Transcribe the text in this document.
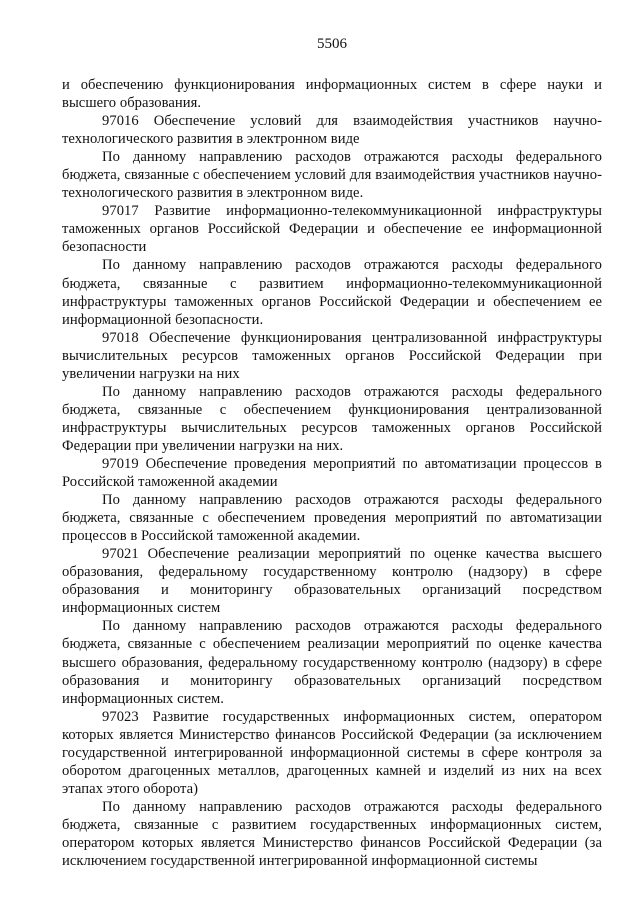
5506

и обеспечению функционирования информационных систем в сфере науки и высшего образования.

97016 Обеспечение условий для взаимодействия участников научно-технологического развития в электронном виде

По данному направлению расходов отражаются расходы федерального бюджета, связанные с обеспечением условий для взаимодействия участников научно-технологического развития в электронном виде.

97017 Развитие информационно-телекоммуникационной инфраструктуры таможенных органов Российской Федерации и обеспечение ее информационной безопасности

По данному направлению расходов отражаются расходы федерального бюджета, связанные с развитием информационно-телекоммуникационной инфраструктуры таможенных органов Российской Федерации и обеспечением ее информационной безопасности.

97018 Обеспечение функционирования централизованной инфраструктуры вычислительных ресурсов таможенных органов Российской Федерации при увеличении нагрузки на них

По данному направлению расходов отражаются расходы федерального бюджета, связанные с обеспечением функционирования централизованной инфраструктуры вычислительных ресурсов таможенных органов Российской Федерации при увеличении нагрузки на них.

97019 Обеспечение проведения мероприятий по автоматизации процессов в Российской таможенной академии

По данному направлению расходов отражаются расходы федерального бюджета, связанные с обеспечением проведения мероприятий по автоматизации процессов в Российской таможенной академии.

97021 Обеспечение реализации мероприятий по оценке качества высшего образования, федеральному государственному контролю (надзору) в сфере образования и мониторингу образовательных организаций посредством информационных систем

По данному направлению расходов отражаются расходы федерального бюджета, связанные с обеспечением реализации мероприятий по оценке качества высшего образования, федеральному государственному контролю (надзору) в сфере образования и мониторингу образовательных организаций посредством информационных систем.

97023 Развитие государственных информационных систем, оператором которых является Министерство финансов Российской Федерации (за исключением государственной интегрированной информационной системы в сфере контроля за оборотом драгоценных металлов, драгоценных камней и изделий из них на всех этапах этого оборота)

По данному направлению расходов отражаются расходы федерального бюджета, связанные с развитием государственных информационных систем, оператором которых является Министерство финансов Российской Федерации (за исключением государственной интегрированной информационной системы
